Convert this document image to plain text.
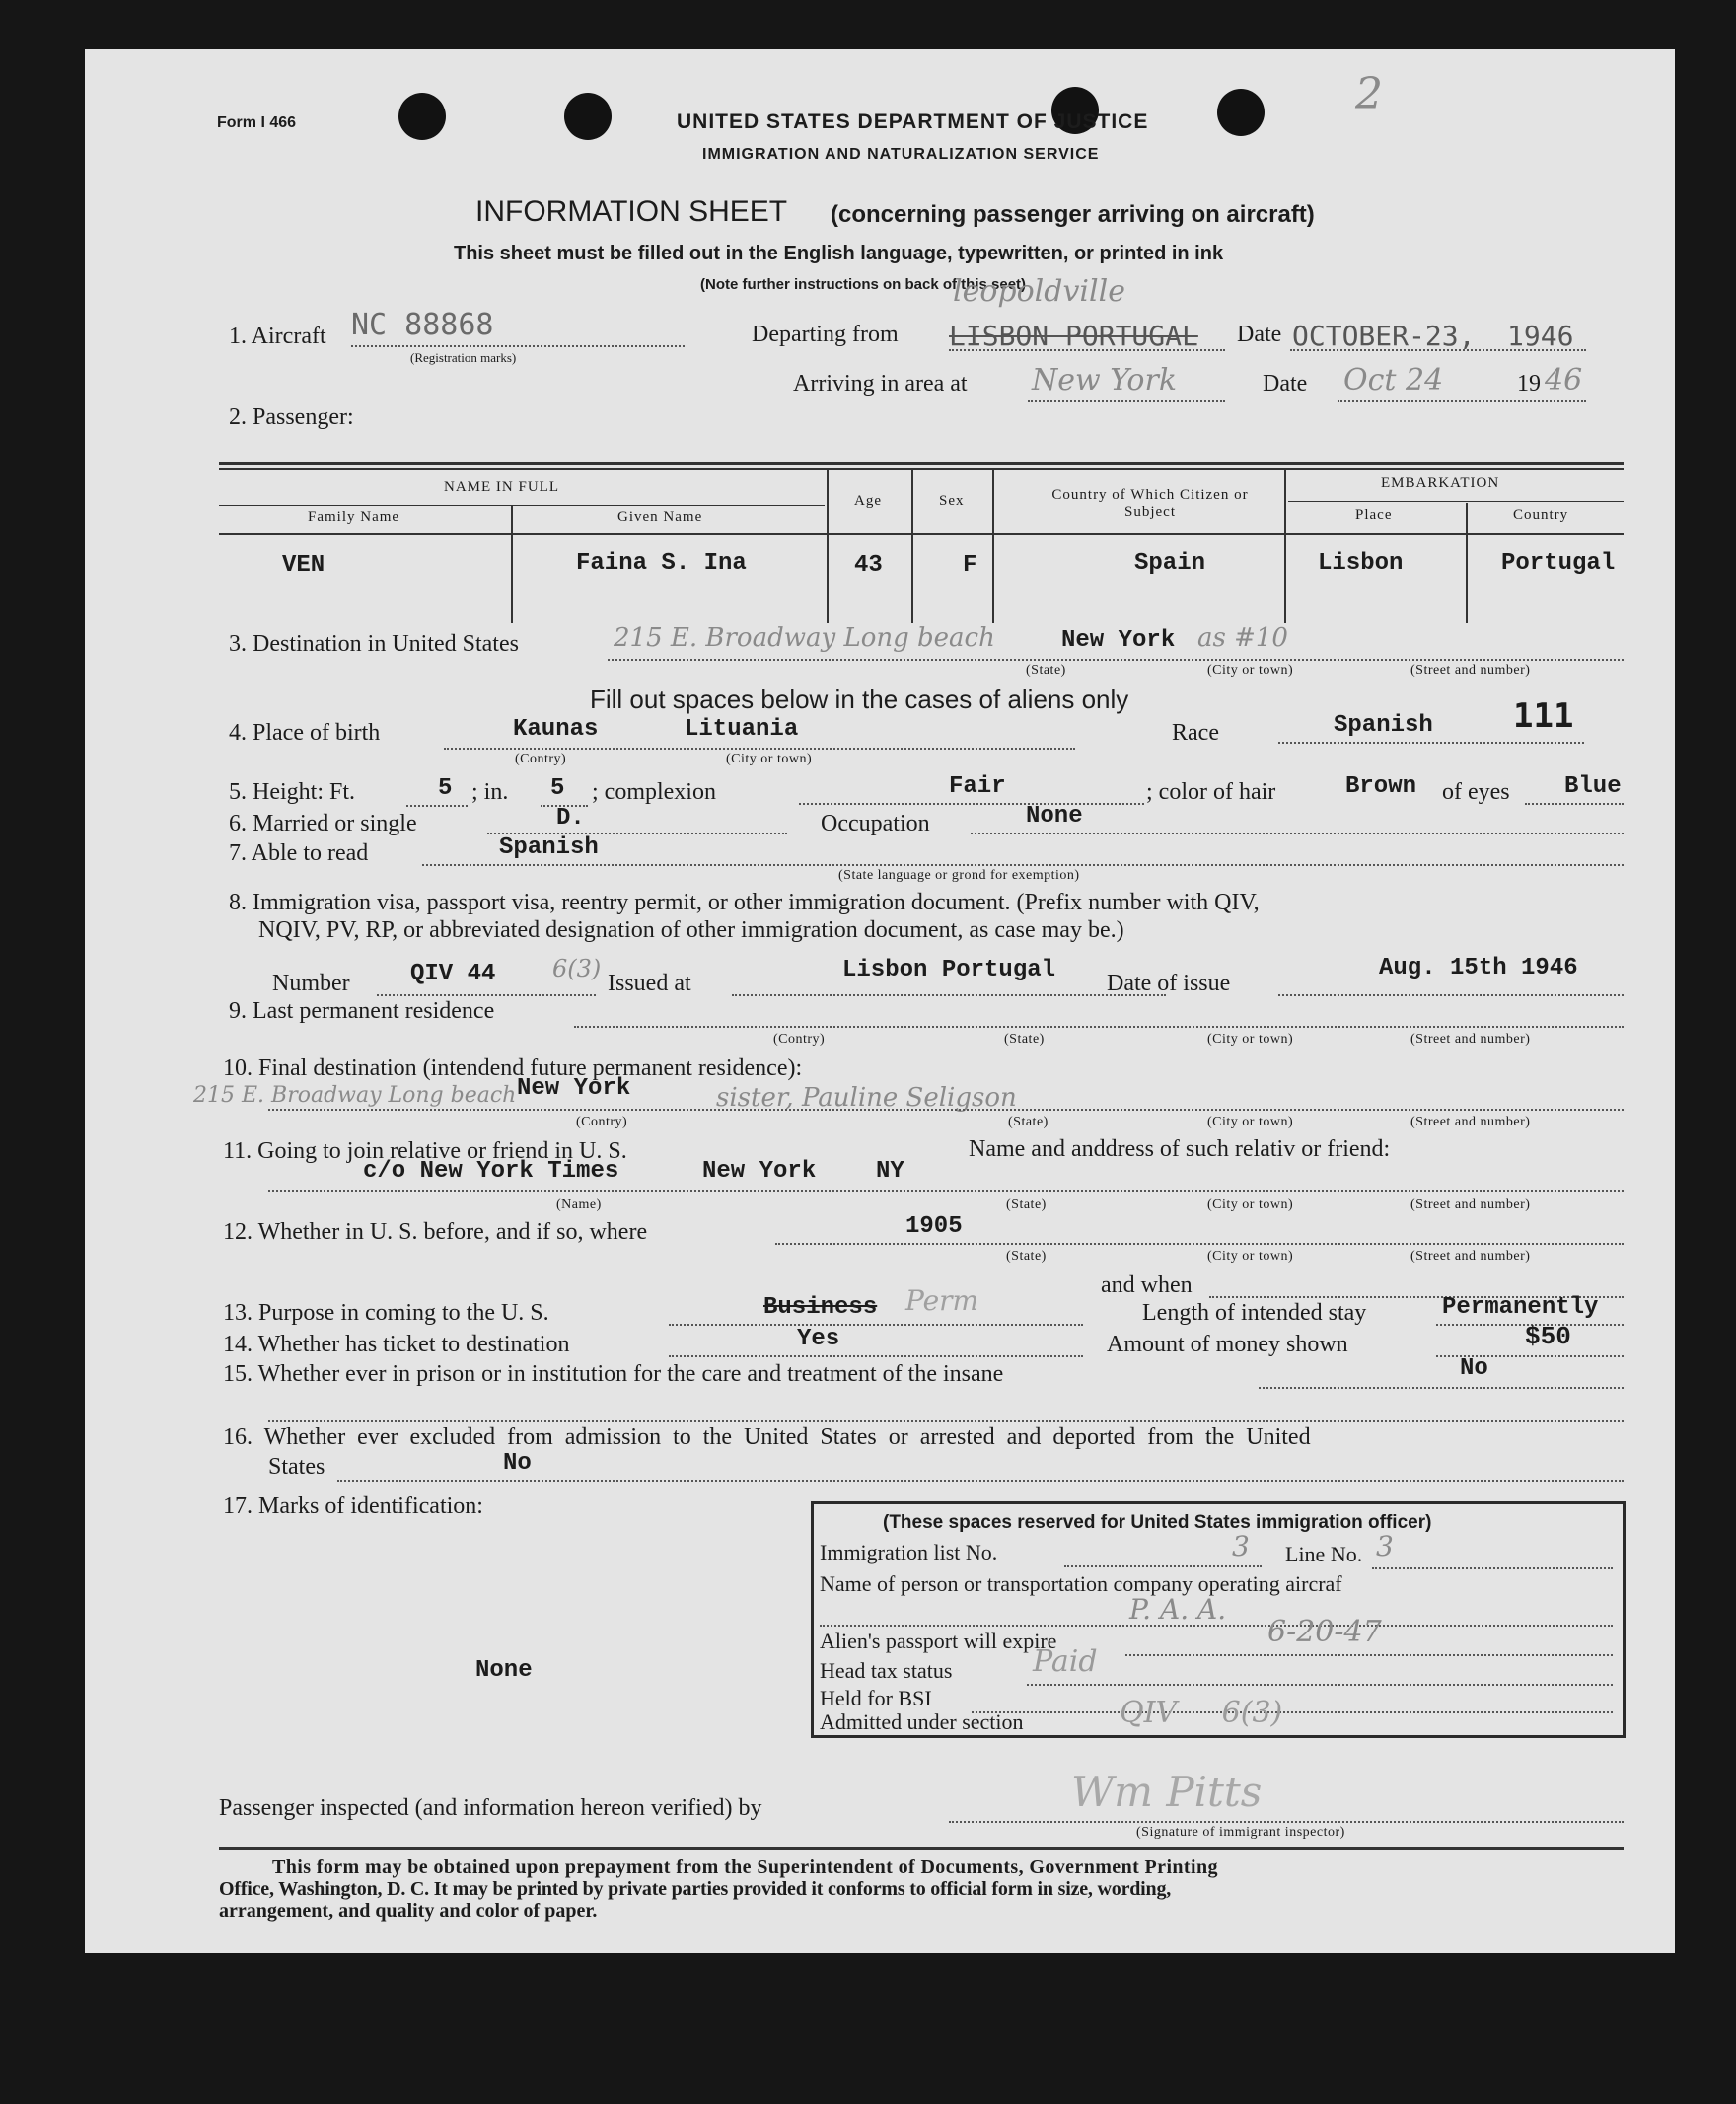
Form I 466	UNITED STATES DEPARTMENT OF JUSTICE
IMMIGRATION AND NATURALIZATION SERVICE
2
INFORMATION SHEET (concerning passenger arriving on aircraft)
This sheet must be filled out in the English language, typewritten, or printed in ink
(Note further instructions on back of this seet)
1. Aircraft NC 88868
(Registration marks)
Departing from
leopoldville
LISBON PORTUGAL Date OCTOBER-23, 1946
Arriving in area at New York	Date Oct 24	19 46
2. Passenger:
NAME IN FULL	EMBARKATION
Family Name	Given Name
Age	Sex	Country of Which Citizen or Subject	Place	Country
VEN	Faina S. Ina	43	F	Spain	Lisbon	Portugal
3. Destination in United States	215 E. Broadway Long beach	New York as #10
(State)	(City or town)	(Street and number)
Fill out spaces below in the cases of aliens only
4. Place of birth	Kaunas	Lituania
(Contry)	(City or town)
Race	Spanish 111
5. Height: Ft.	5 ; in. 5 ; complexion	Fair	; color of hair	Brown of eyes Blue
6. Married or single	D.	Occupation	None
7. Able to read	Spanish
(State language or grond for exemption)
8. Immigration visa, passport visa, reentry permit, or other immigration document. (Prefix number with QIV,
NQIV, PV, RP, or abbreviated designation of other immigration document, as case may be.)
Number	QIV 44 6(3)
Issued at	Lisbon Portugal Date of issue
Aug. 15th 1946
9. Last permanent residence
(Contry)	(State)	(City or town)	(Street and number)
10. Final destination (intendend future permanent residence):
215 E. Broadway Long beach New York	sister, Pauline Seligson
(Contry)	(State)	(City or town)	(Street and number)
11. Going to join relative or friend in U. S.	Name and anddress of such relativ or friend:
c/o New York Times	New York	NY
(Name)	(State)	(City or town)	(Street and number)
12. Whether in U. S. before, and if so, where	1905
(State)	(City or town)	(Street and number)
and when
13. Purpose in coming to the U. S.	Business Perm	Length of intended stay	Permanently
14. Whether has ticket to destination	Yes	Amount of money shown	$50
15. Whether ever in prison or in institution for the care and treatment of the insane	No
16. Whether ever excluded from admission to the United States or arrested and deported from the United
States	No
17. Marks of identification:
None
(These spaces reserved for United States immigration officer)
Immigration list No.	3 Line No. 3
Name of person or transportation company operating aircraf
P. A. A.
Alien's passport will expire	6-20-47
Head tax status	Paid
Held for BSI
Admitted under section	QIV 6(3)
Passenger inspected (and information hereon verified) by	Wm Pitts
(Signature of immigrant inspector)
This form may be obtained upon prepayment from the Superintendent of Documents, Government Printing
Office, Washington, D. C. It may be printed by private parties provided it conforms to official form in size, wording,
arrangement, and quality and color of paper.
